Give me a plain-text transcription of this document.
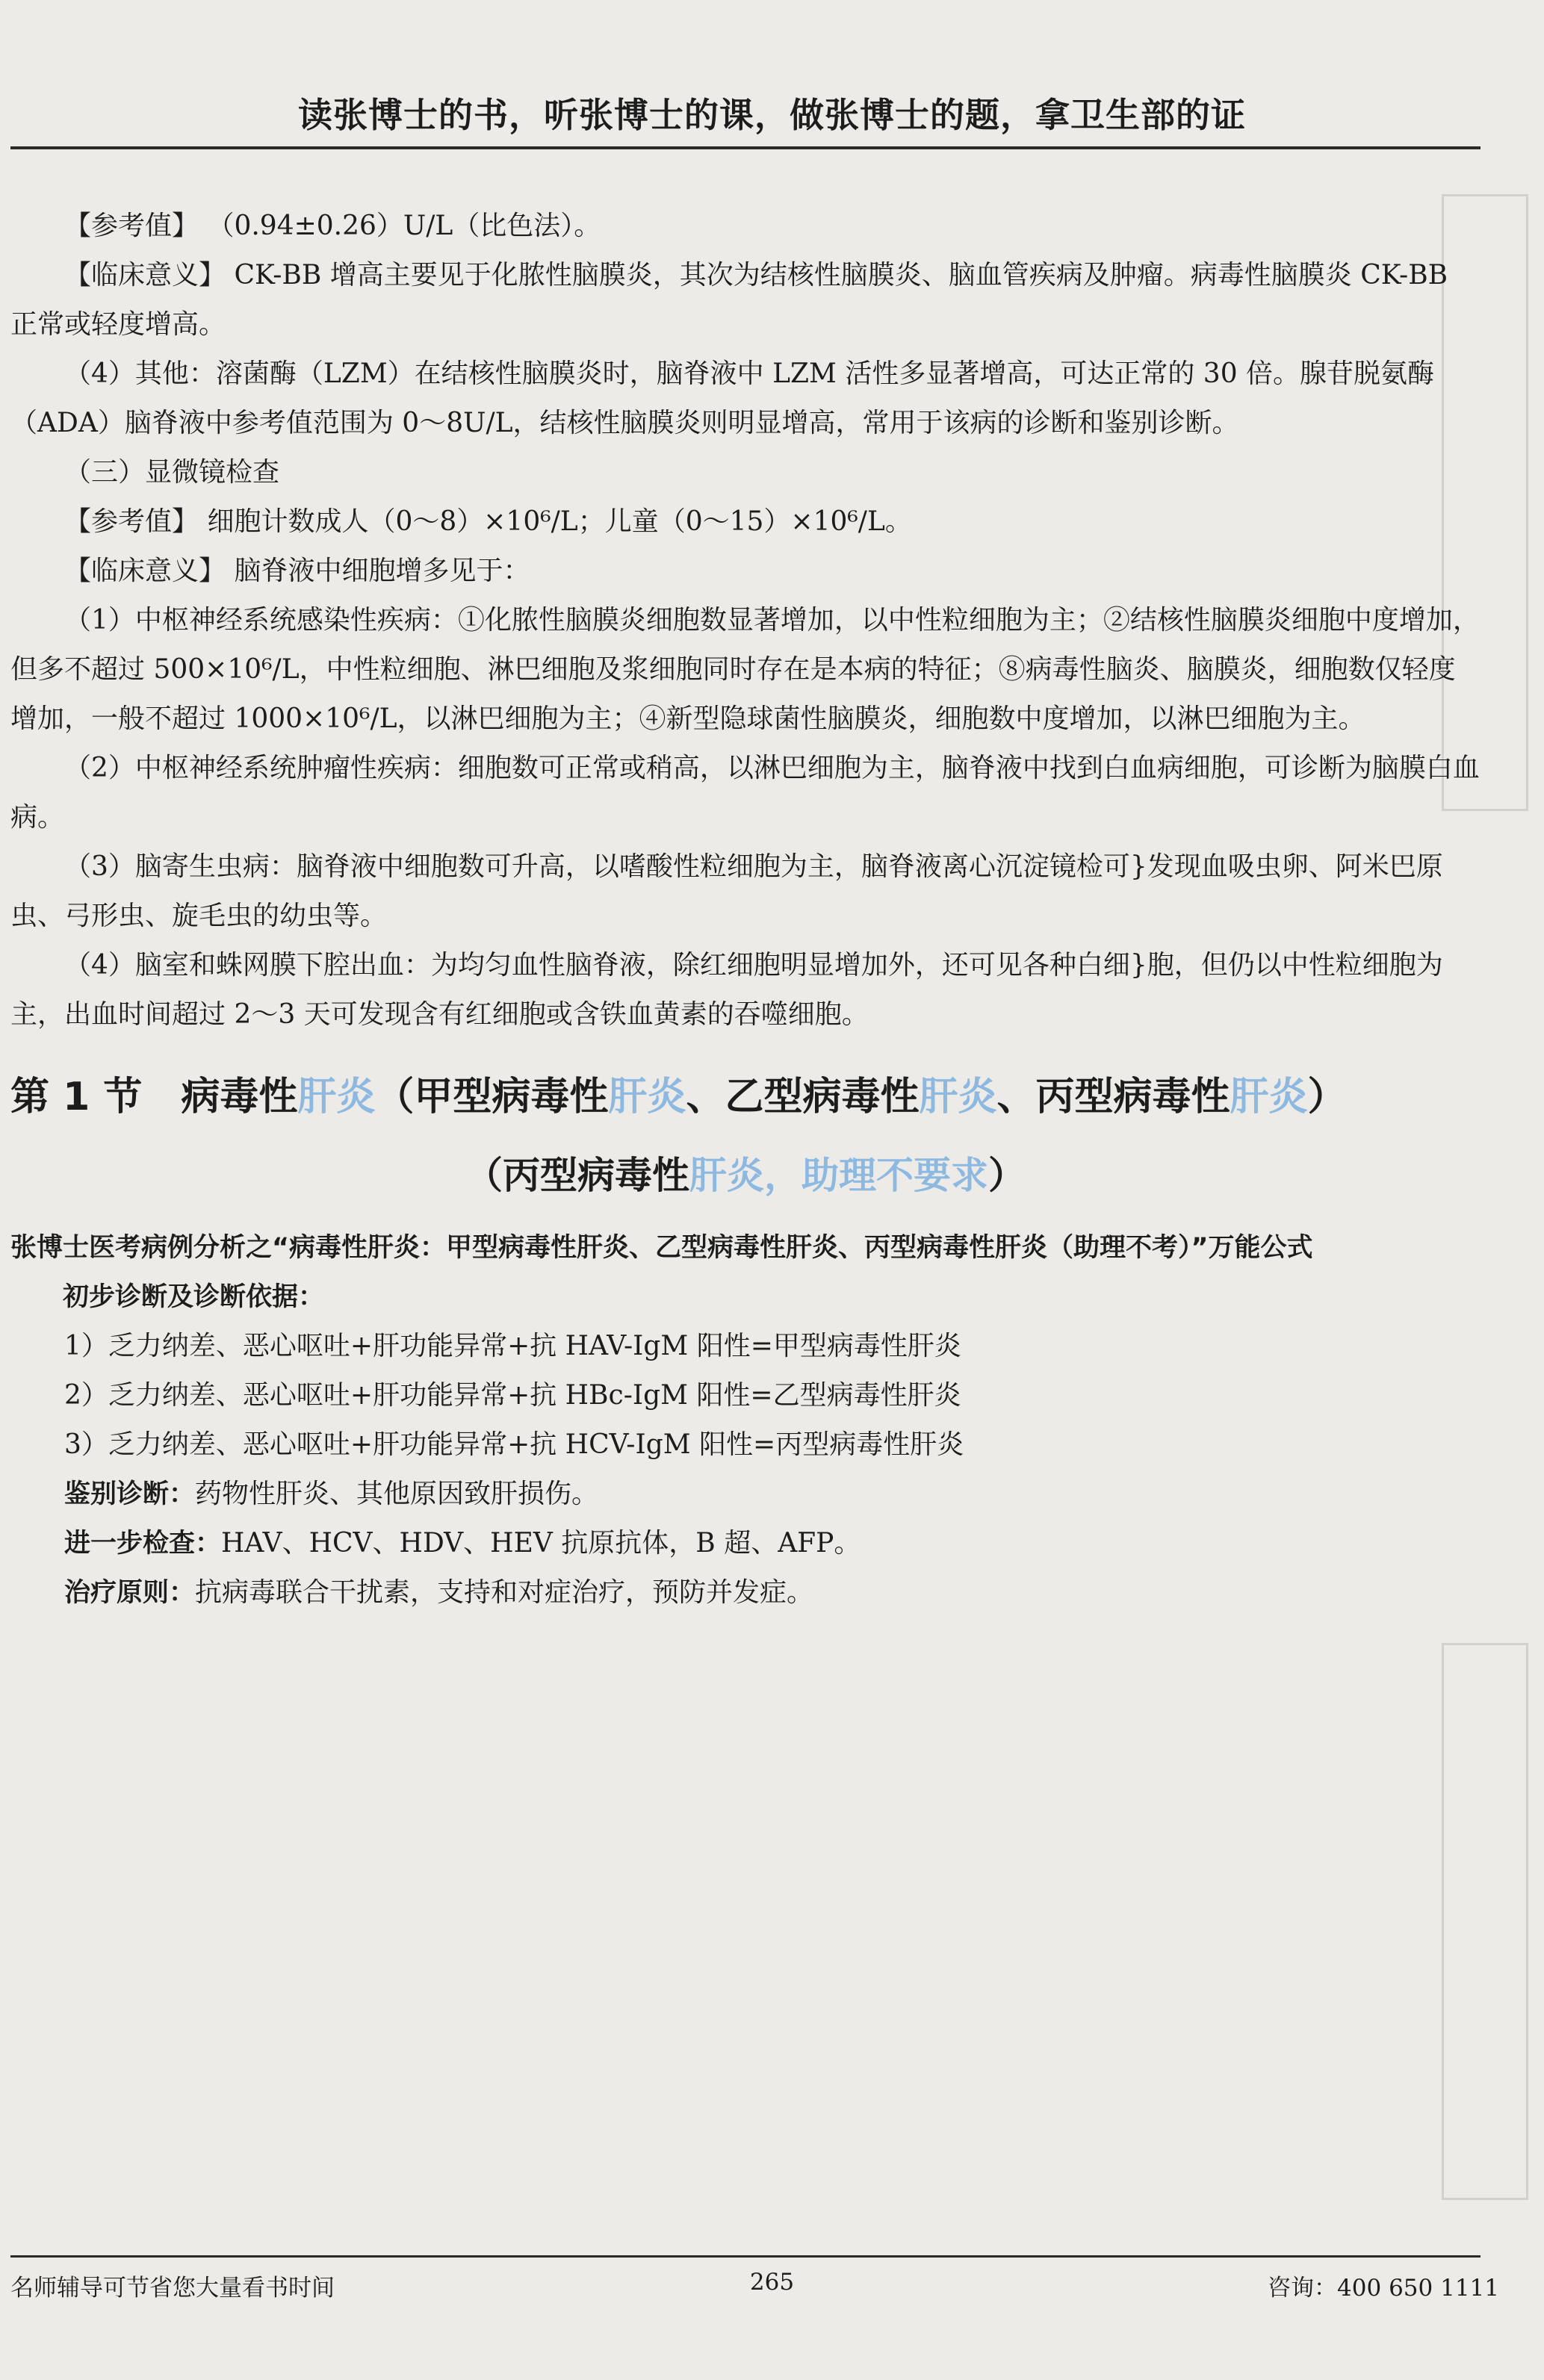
读张博士的书，听张博士的课，做张博士的题，拿卫生部的证

【参考值】 （0.94±0.26）U/L（比色法）。

【临床意义】 CK-BB 增高主要见于化脓性脑膜炎，其次为结核性脑膜炎、脑血管疾病及肿瘤。病毒性脑膜炎 CK-BB 正常或轻度增高。

（4）其他：溶菌酶（LZM）在结核性脑膜炎时，脑脊液中 LZM 活性多显著增高，可达正常的 30 倍。腺苷脱氨酶（ADA）脑脊液中参考值范围为 0～8U/L，结核性脑膜炎则明显增高，常用于该病的诊断和鉴别诊断。

（三）显微镜检查

【参考值】 细胞计数成人（0～8）×10⁶/L；儿童（0～15）×10⁶/L。

【临床意义】 脑脊液中细胞增多见于：

（1）中枢神经系统感染性疾病：①化脓性脑膜炎细胞数显著增加，以中性粒细胞为主；②结核性脑膜炎细胞中度增加，但多不超过 500×10⁶/L，中性粒细胞、淋巴细胞及浆细胞同时存在是本病的特征；⑧病毒性脑炎、脑膜炎，细胞数仅轻度增加，一般不超过 1000×10⁶/L，以淋巴细胞为主；④新型隐球菌性脑膜炎，细胞数中度增加，以淋巴细胞为主。

（2）中枢神经系统肿瘤性疾病：细胞数可正常或稍高，以淋巴细胞为主，脑脊液中找到白血病细胞，可诊断为脑膜白血病。

（3）脑寄生虫病：脑脊液中细胞数可升高，以嗜酸性粒细胞为主，脑脊液离心沉淀镜检可}发现血吸虫卵、阿米巴原虫、弓形虫、旋毛虫的幼虫等。

（4）脑室和蛛网膜下腔出血：为均匀血性脑脊液，除红细胞明显增加外，还可见各种白细}胞，但仍以中性粒细胞为主，出血时间超过 2～3 天可发现含有红细胞或含铁血黄素的吞噬细胞。

第 1 节　病毒性肝炎（甲型病毒性肝炎、乙型病毒性肝炎、丙型病毒性肝炎）
（丙型病毒性肝炎，助理不要求）

张博士医考病例分析之“病毒性肝炎：甲型病毒性肝炎、乙型病毒性肝炎、丙型病毒性肝炎（助理不考）”万能公式

初步诊断及诊断依据：

1）乏力纳差、恶心呕吐+肝功能异常+抗 HAV-IgM 阳性=甲型病毒性肝炎

2）乏力纳差、恶心呕吐+肝功能异常+抗 HBc-IgM 阳性=乙型病毒性肝炎

3）乏力纳差、恶心呕吐+肝功能异常+抗 HCV-IgM 阳性=丙型病毒性肝炎

鉴别诊断：药物性肝炎、其他原因致肝损伤。

进一步检查：HAV、HCV、HDV、HEV 抗原抗体，B 超、AFP。

治疗原则：抗病毒联合干扰素，支持和对症治疗，预防并发症。

名师辅导可节省您大量看书时间	265	咨询：400 650 1111
